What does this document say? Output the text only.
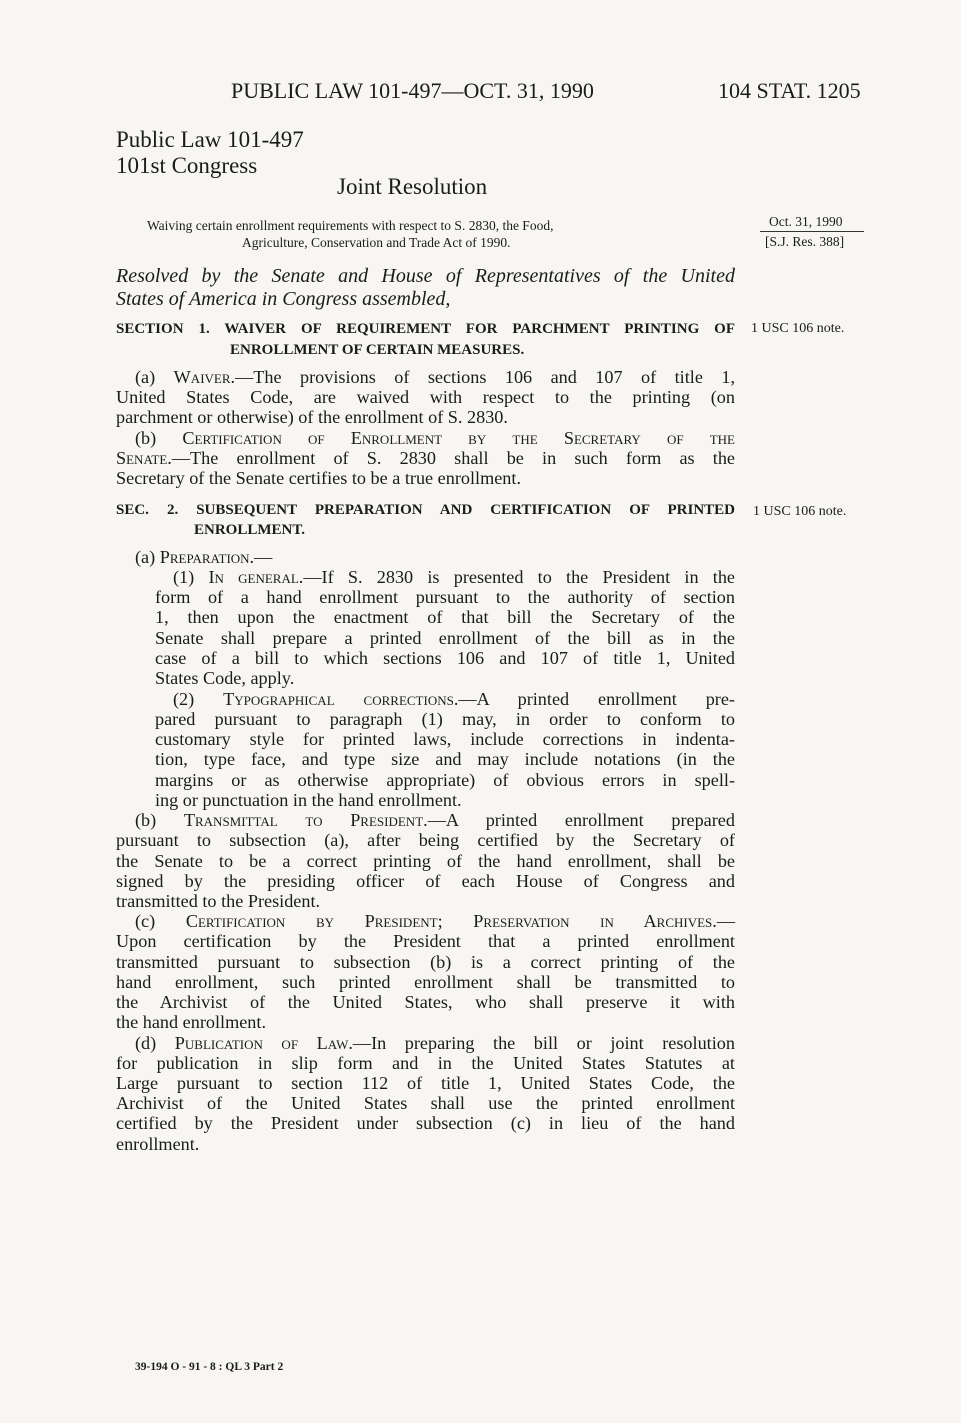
PUBLIC LAW 101-497—OCT. 31, 1990	104 STAT. 1205
Public Law 101-497
101st Congress
Joint Resolution
Waiving certain enrollment requirements with respect to S. 2830, the Food,
Agriculture, Conservation and Trade Act of 1990.
Oct. 31, 1990
[S.J. Res. 388]
Resolved by the Senate and House of Representatives of the United
States of America in Congress assembled,
SECTION 1. WAIVER OF REQUIREMENT FOR PARCHMENT PRINTING OF
ENROLLMENT OF CERTAIN MEASURES.
1 USC 106 note.
(a) Waiver.—The provisions of sections 106 and 107 of title 1,
United States Code, are waived with respect to the printing (on
parchment or otherwise) of the enrollment of S. 2830.
(b) Certification of Enrollment by the Secretary of the
Senate.—The enrollment of S. 2830 shall be in such form as the
Secretary of the Senate certifies to be a true enrollment.
SEC. 2. SUBSEQUENT PREPARATION AND CERTIFICATION OF PRINTED
ENROLLMENT.
1 USC 106 note.
(a) Preparation.—
(1) In general.—If S. 2830 is presented to the President in the
form of a hand enrollment pursuant to the authority of section
1, then upon the enactment of that bill the Secretary of the
Senate shall prepare a printed enrollment of the bill as in the
case of a bill to which sections 106 and 107 of title 1, United
States Code, apply.
(2) Typographical corrections.—A printed enrollment pre-
pared pursuant to paragraph (1) may, in order to conform to
customary style for printed laws, include corrections in indenta-
tion, type face, and type size and may include notations (in the
margins or as otherwise appropriate) of obvious errors in spell-
ing or punctuation in the hand enrollment.
(b) Transmittal to President.—A printed enrollment prepared
pursuant to subsection (a), after being certified by the Secretary of
the Senate to be a correct printing of the hand enrollment, shall be
signed by the presiding officer of each House of Congress and
transmitted to the President.
(c) Certification by President; Preservation in Archives.—
Upon certification by the President that a printed enrollment
transmitted pursuant to subsection (b) is a correct printing of the
hand enrollment, such printed enrollment shall be transmitted to
the Archivist of the United States, who shall preserve it with
the hand enrollment.
(d) Publication of Law.—In preparing the bill or joint resolution
for publication in slip form and in the United States Statutes at
Large pursuant to section 112 of title 1, United States Code, the
Archivist of the United States shall use the printed enrollment
certified by the President under subsection (c) in lieu of the hand
enrollment.
39-194 O - 91 - 8 : QL 3 Part 2
